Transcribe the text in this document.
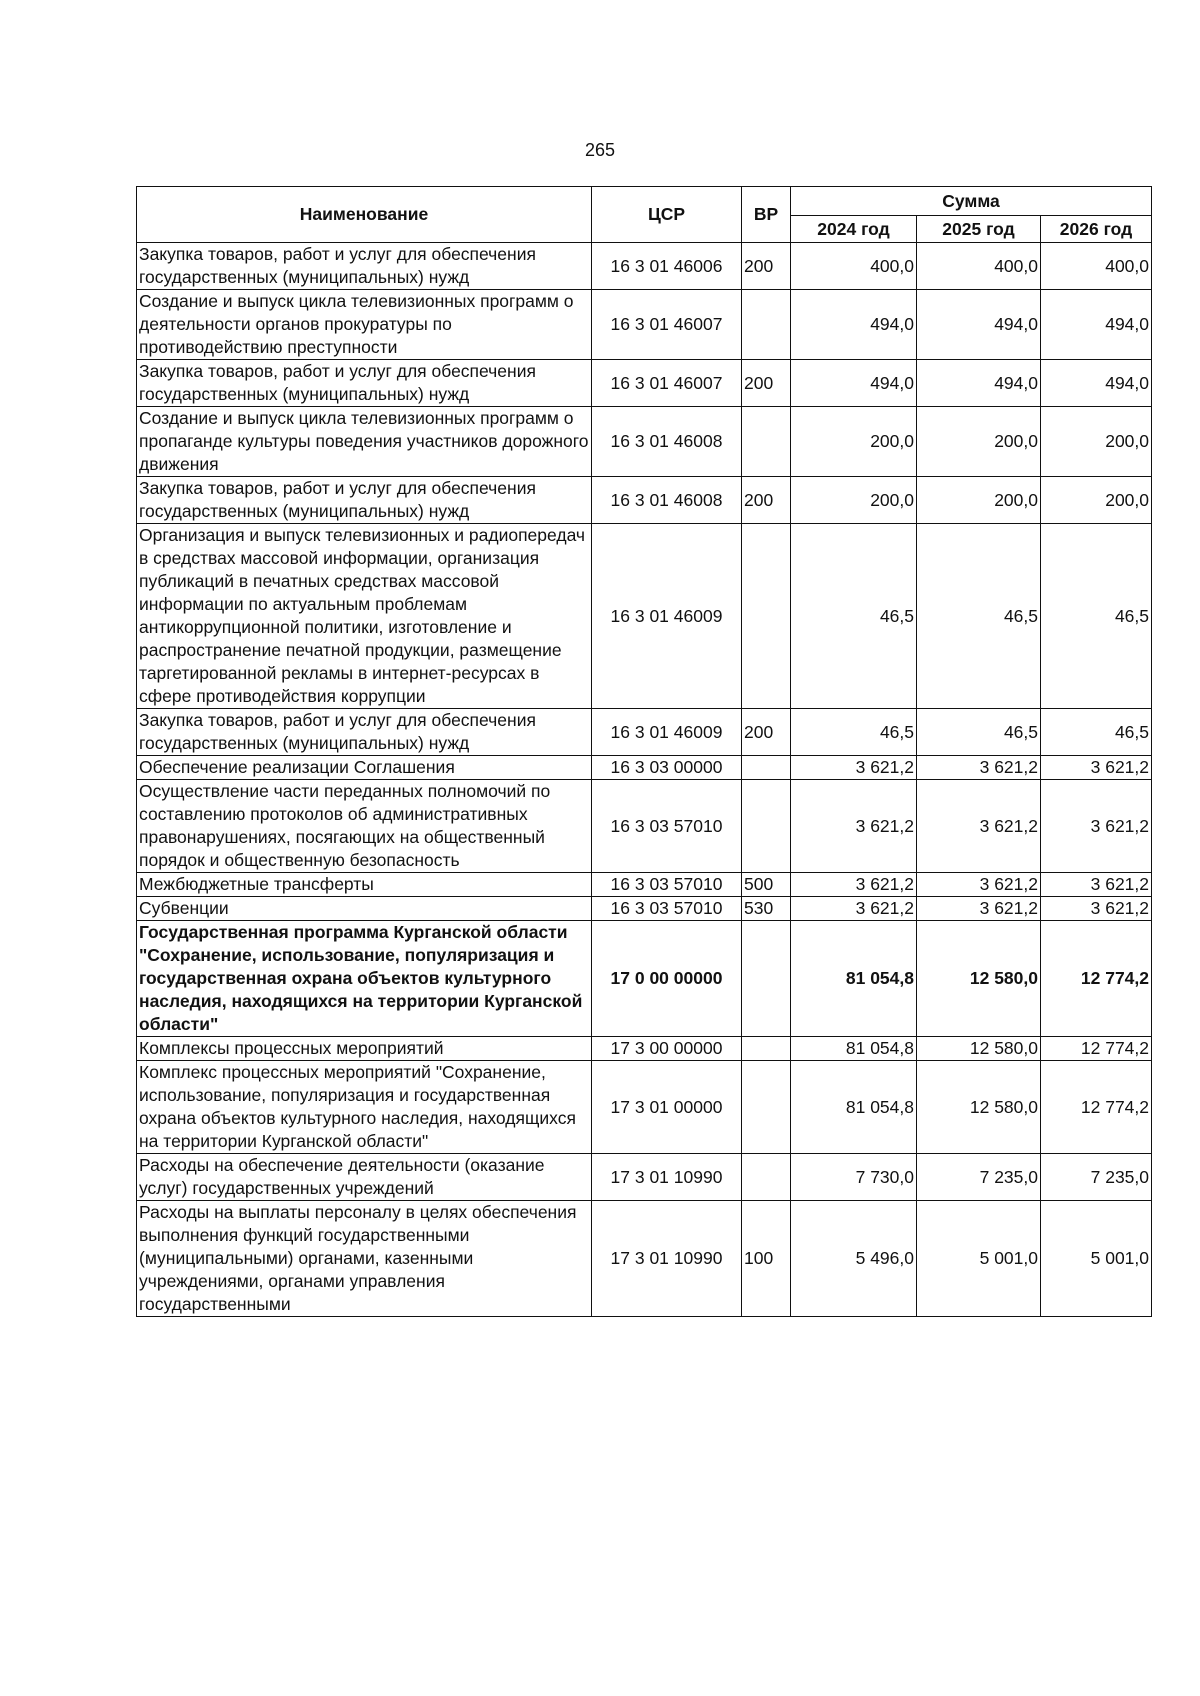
265
Наименование	ЦСР	ВР	Сумма		
			2024 год	2025 год	2026 год
Закупка товаров, работ и услуг для обеспечения государственных (муниципальных) нужд	16 3 01 46006	200	400,0	400,0	400,0
Создание и выпуск цикла телевизионных программ о деятельности органов прокуратуры по противодействию преступности	16 3 01 46007		494,0	494,0	494,0
Закупка товаров, работ и услуг для обеспечения государственных (муниципальных) нужд	16 3 01 46007	200	494,0	494,0	494,0
Создание и выпуск цикла телевизионных программ о пропаганде культуры поведения участников дорожного движения	16 3 01 46008		200,0	200,0	200,0
Закупка товаров, работ и услуг для обеспечения государственных (муниципальных) нужд	16 3 01 46008	200	200,0	200,0	200,0
Организация и выпуск телевизионных и радиопередач в средствах массовой информации, организация публикаций в печатных средствах массовой информации по актуальным проблемам антикоррупционной политики, изготовление и распространение печатной продукции, размещение таргетированной рекламы в интернет-ресурсах в сфере противодействия коррупции	16 3 01 46009		46,5	46,5	46,5
Закупка товаров, работ и услуг для обеспечения государственных (муниципальных) нужд	16 3 01 46009	200	46,5	46,5	46,5
Обеспечение реализации Соглашения	16 3 03 00000		3 621,2	3 621,2	3 621,2
Осуществление части переданных полномочий по составлению протоколов об административных правонарушениях, посягающих на общественный порядок и общественную безопасность	16 3 03 57010		3 621,2	3 621,2	3 621,2
Межбюджетные трансферты	16 3 03 57010	500	3 621,2	3 621,2	3 621,2
Субвенции	16 3 03 57010	530	3 621,2	3 621,2	3 621,2
Государственная программа Курганской области "Сохранение, использование, популяризация и государственная охрана объектов культурного наследия, находящихся на территории Курганской области"	17 0 00 00000		81 054,8	12 580,0	12 774,2
Комплексы процессных мероприятий	17 3 00 00000		81 054,8	12 580,0	12 774,2
Комплекс процессных мероприятий "Сохранение, использование, популяризация и государственная охрана объектов культурного наследия, находящихся на территории Курганской области"	17 3 01 00000		81 054,8	12 580,0	12 774,2
Расходы на обеспечение деятельности (оказание услуг) государственных учреждений	17 3 01 10990		7 730,0	7 235,0	7 235,0
Расходы на выплаты персоналу в целях обеспечения выполнения функций государственными (муниципальными) органами, казенными учреждениями, органами управления государственными	17 3 01 10990	100	5 496,0	5 001,0	5 001,0
